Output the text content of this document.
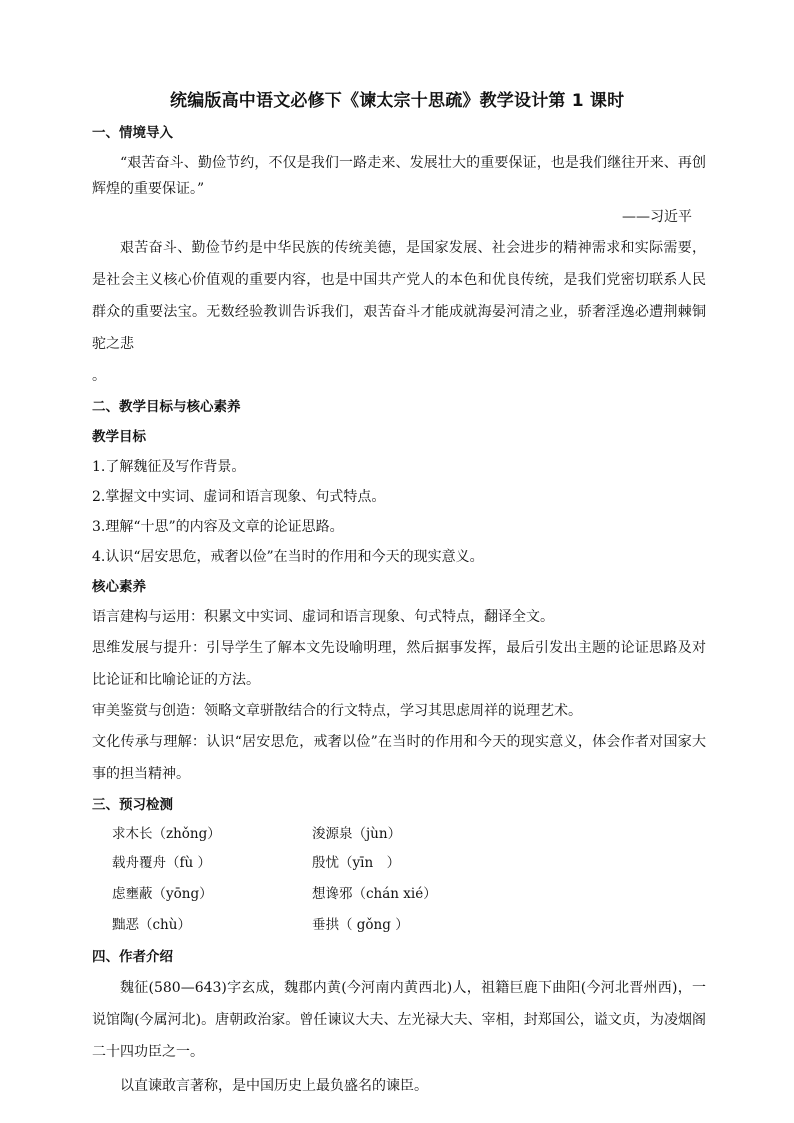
统编版高中语文必修下《谏太宗十思疏》教学设计第 1 课时
一、情境导入

“艰苦奋斗、勤俭节约，不仅是我们一路走来、发展壮大的重要保证，也是我们继往开来、再创辉煌的重要保证。”

——习近平

艰苦奋斗、勤俭节约是中华民族的传统美德，是国家发展、社会进步的精神需求和实际需要，是社会主义核心价值观的重要内容，也是中国共产党人的本色和优良传统，是我们党密切联系人民群众的重要法宝。无数经验教训告诉我们，艰苦奋斗才能成就海晏河清之业，骄奢淫逸必遭荆棘铜驼之悲
。

二、教学目标与核心素养
教学目标
1.了解魏征及写作背景。
2.掌握文中实词、虚词和语言现象、句式特点。
3.理解“十思”的内容及文章的论证思路。
4.认识“居安思危，戒奢以俭”在当时的作用和今天的现实意义。
核心素养
语言建构与运用：积累文中实词、虚词和语言现象、句式特点，翻译全文。

思维发展与提升：引导学生了解本文先设喻明理，然后据事发挥，最后引发出主题的论证思路及对比论证和比喻论证的方法。

审美鉴赏与创造：领略文章骈散结合的行文特点，学习其思虑周祥的说理艺术。

文化传承与理解：认识“居安思危，戒奢以俭”在当时的作用和今天的现实意义，体会作者对国家大事的担当精神。

三、预习检测
求木长（zhǒng）	浚源泉（jùn）
载舟覆舟（fù ）	殷忧（yīn　）
虑壅蔽（yōng）	想谗邪（chán xié）
黜恶（chù）	垂拱（ gǒng ）
四、作者介绍

魏征(580—643)字玄成，魏郡内黄(今河南内黄西北)人，祖籍巨鹿下曲阳(今河北晋州西)，一说馆陶(今属河北)。唐朝政治家。曾任谏议大夫、左光禄大夫、宰相，封郑国公，谥文贞，为凌烟阁二十四功臣之一。

以直谏敢言著称，是中国历史上最负盛名的谏臣。
